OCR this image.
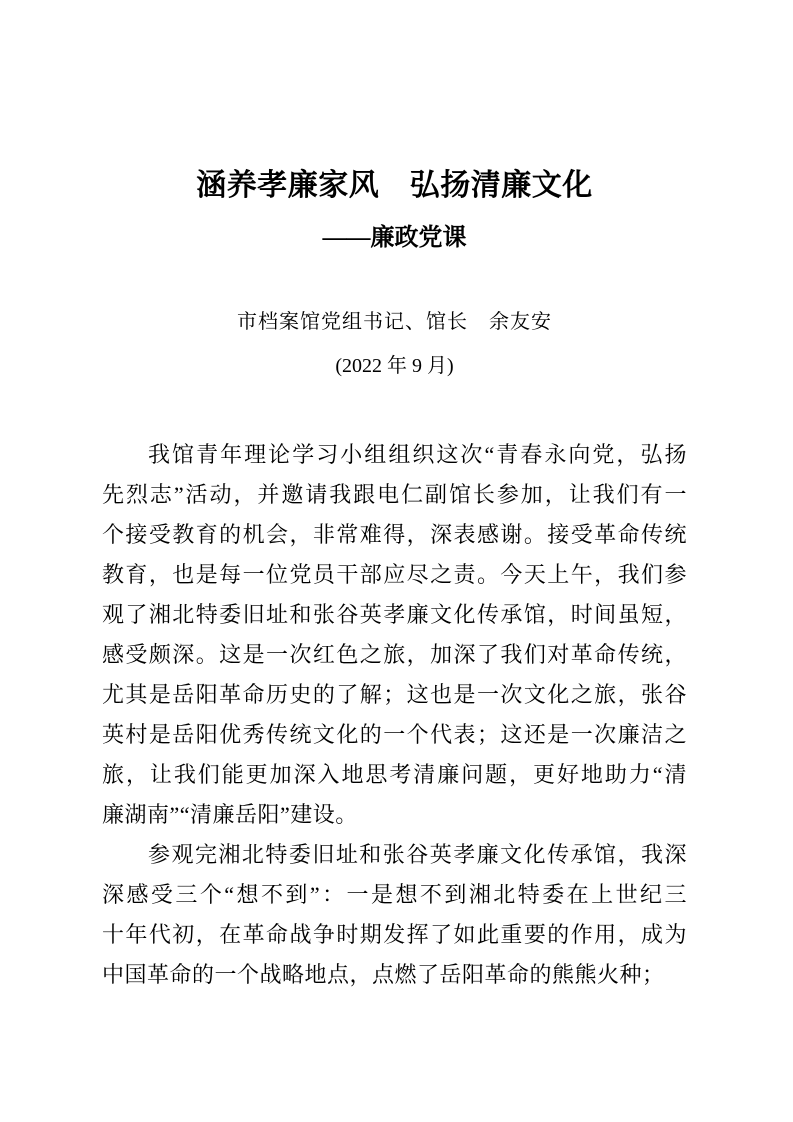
涵养孝廉家风　弘扬清廉文化
——廉政党课
市档案馆党组书记、馆长　余友安
(2022 年 9 月)
我馆青年理论学习小组组织这次“青春永向党，弘扬
先烈志”活动，并邀请我跟电仁副馆长参加，让我们有一
个接受教育的机会，非常难得，深表感谢。接受革命传统
教育，也是每一位党员干部应尽之责。今天上午，我们参
观了湘北特委旧址和张谷英孝廉文化传承馆，时间虽短，
感受颇深。这是一次红色之旅，加深了我们对革命传统，
尤其是岳阳革命历史的了解；这也是一次文化之旅，张谷
英村是岳阳优秀传统文化的一个代表；这还是一次廉洁之
旅，让我们能更加深入地思考清廉问题，更好地助力“清
廉湖南”“清廉岳阳”建设。
参观完湘北特委旧址和张谷英孝廉文化传承馆，我深
深感受三个“想不到”：一是想不到湘北特委在上世纪三
十年代初，在革命战争时期发挥了如此重要的作用，成为
中国革命的一个战略地点，点燃了岳阳革命的熊熊火种；
